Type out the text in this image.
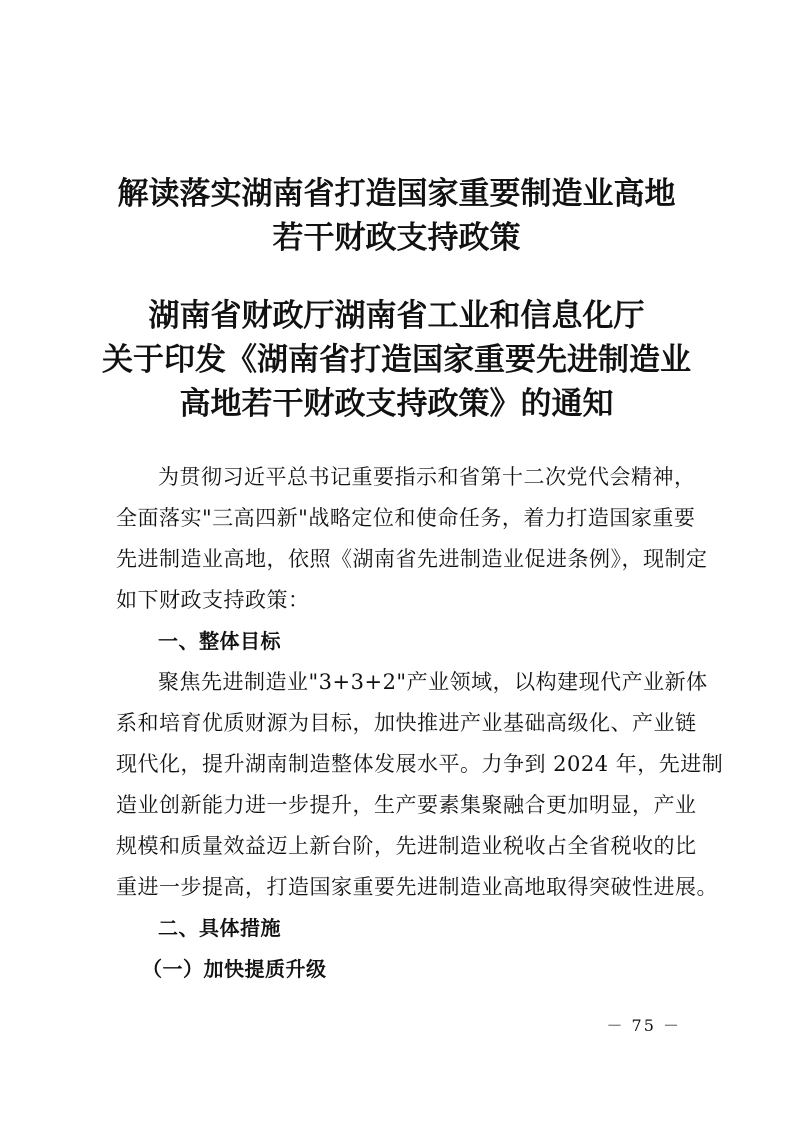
解读落实湖南省打造国家重要制造业高地
若干财政支持政策
湖南省财政厅湖南省工业和信息化厅
关于印发《湖南省打造国家重要先进制造业
高地若干财政支持政策》的通知
为贯彻习近平总书记重要指示和省第十二次党代会精神，
全面落实"三高四新"战略定位和使命任务，着力打造国家重要
先进制造业高地，依照《湖南省先进制造业促进条例》，现制定
如下财政支持政策：
一、整体目标
聚焦先进制造业"3+3+2"产业领域，以构建现代产业新体
系和培育优质财源为目标，加快推进产业基础高级化、产业链
现代化，提升湖南制造整体发展水平。力争到 2024 年，先进制
造业创新能力进一步提升，生产要素集聚融合更加明显，产业
规模和质量效益迈上新台阶，先进制造业税收占全省税收的比
重进一步提高，打造国家重要先进制造业高地取得突破性进展。
二、具体措施
（一）加快提质升级
－ 75 －
